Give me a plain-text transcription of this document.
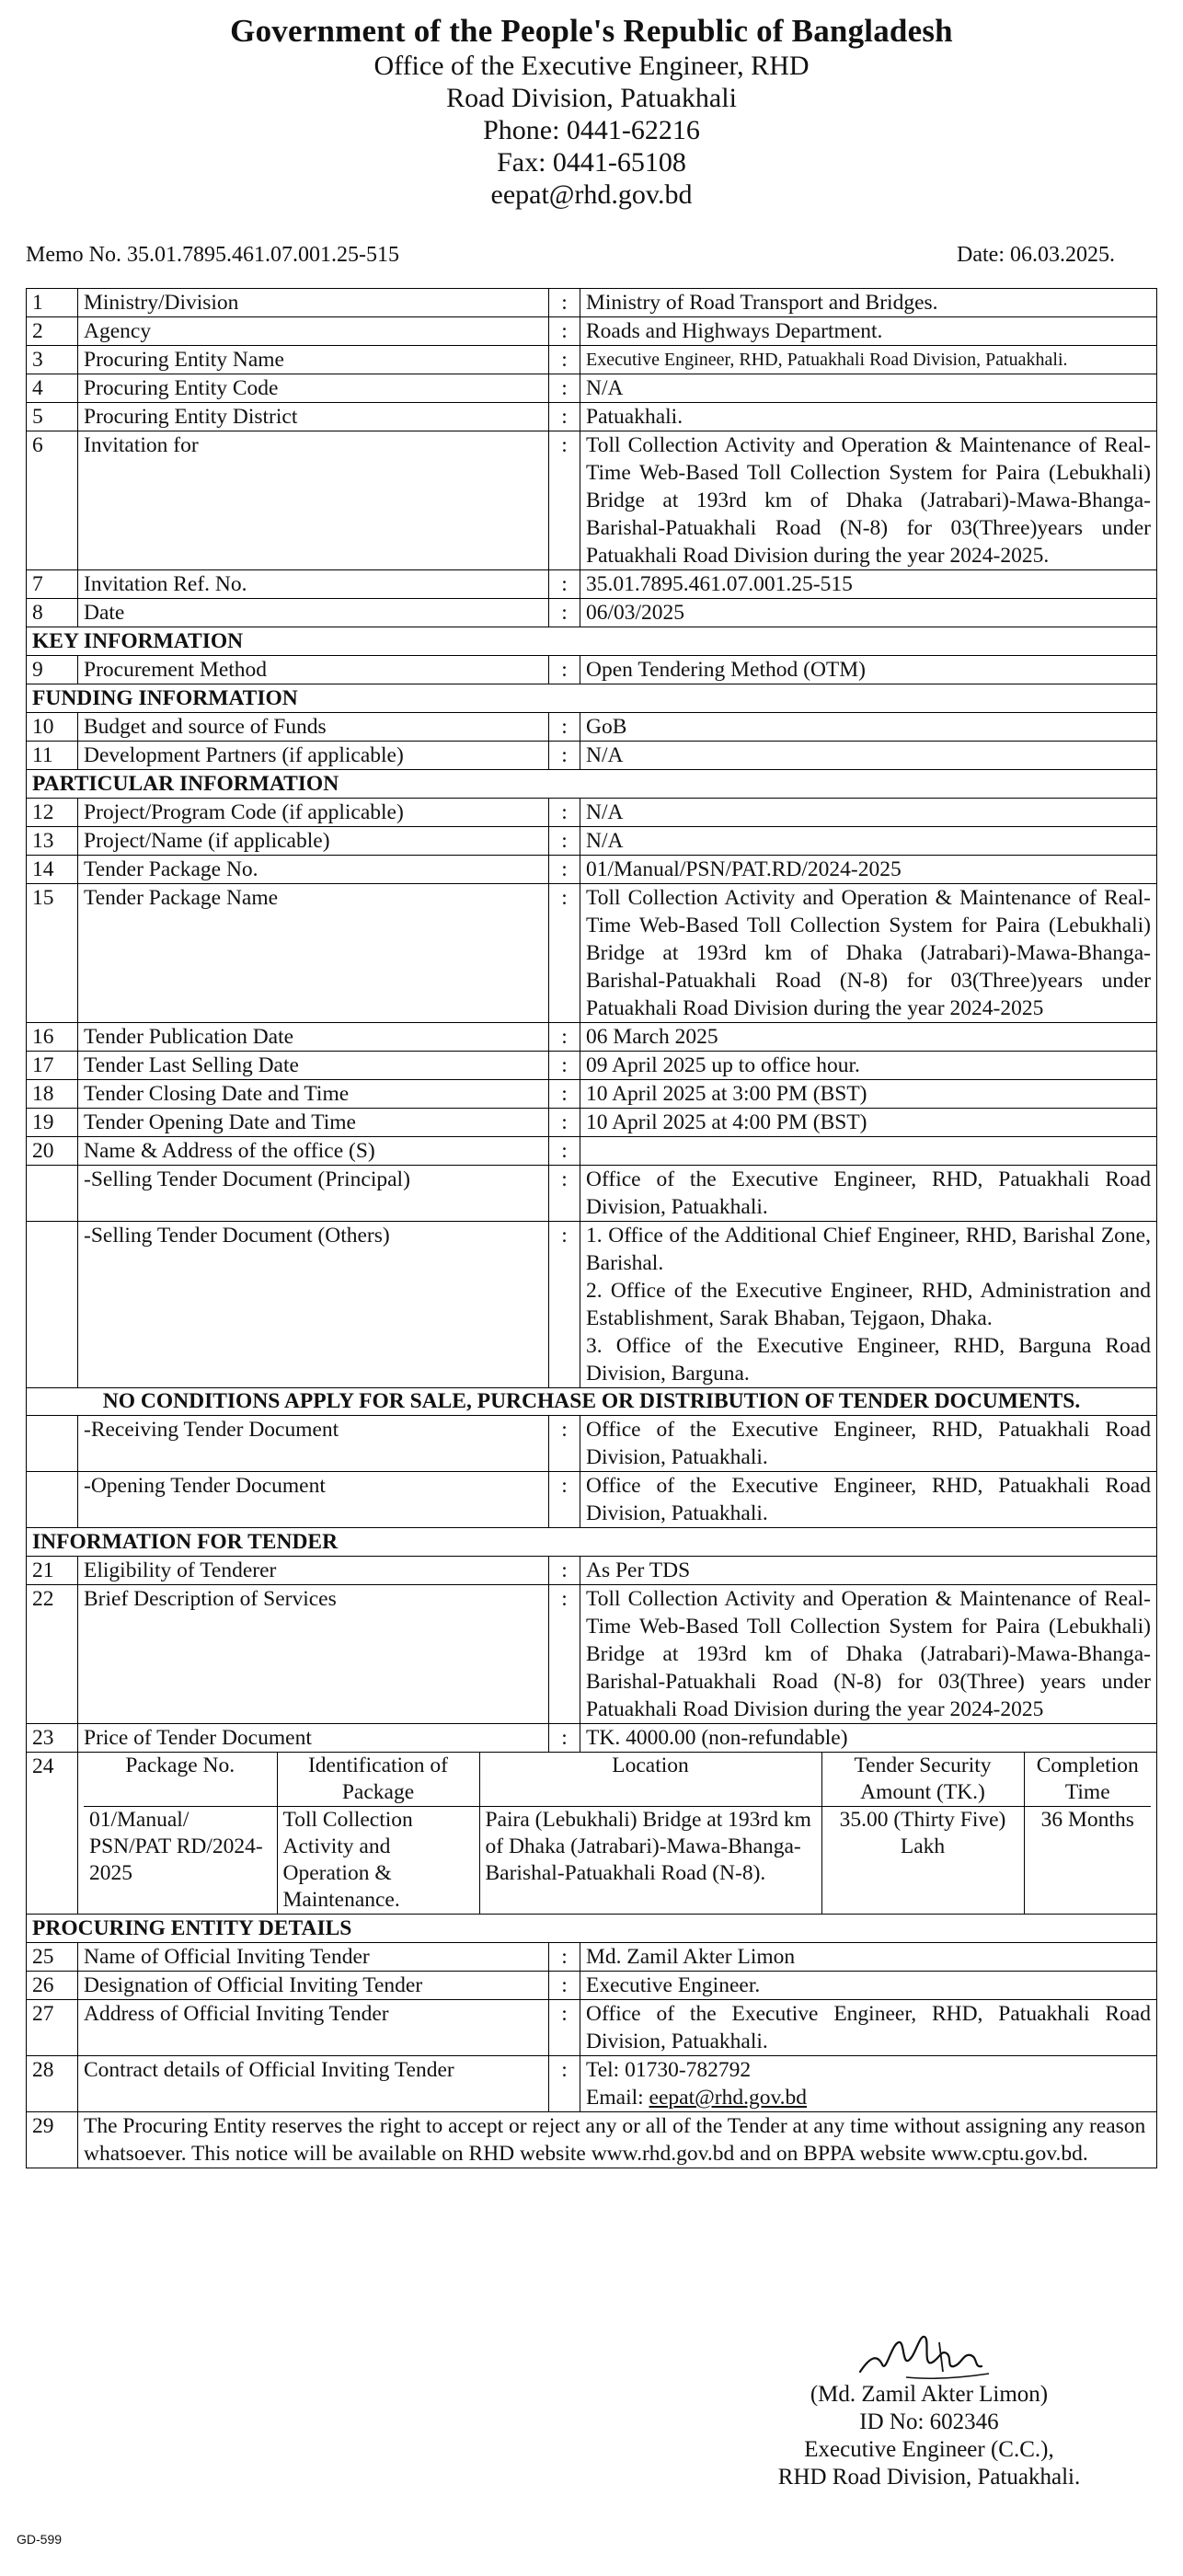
Government of the People's Republic of Bangladesh
Office of the Executive Engineer, RHD
Road Division, Patuakhali
Phone: 0441-62216
Fax: 0441-65108
eepat@rhd.gov.bd
Memo No. 35.01.7895.461.07.001.25-515	Date: 06.03.2025.
1	Ministry/Division	:	Ministry of Road Transport and Bridges.
2	Agency	:	Roads and Highways Department.
3	Procuring Entity Name	:	Executive Engineer, RHD, Patuakhali Road Division, Patuakhali.
4	Procuring Entity Code	:	N/A
5	Procuring Entity District	:	Patuakhali.
6	Invitation for	:	Toll Collection Activity and Operation & Maintenance of Real-Time Web-Based Toll Collection System for Paira (Lebukhali) Bridge at 193rd km of Dhaka (Jatrabari)-Mawa-Bhanga-Barishal-Patuakhali Road (N-8) for 03(Three)years under Patuakhali Road Division during the year 2024-2025.
7	Invitation Ref. No.	:	35.01.7895.461.07.001.25-515
8	Date	:	06/03/2025
KEY INFORMATION
9	Procurement Method	:	Open Tendering Method (OTM)
FUNDING INFORMATION
10	Budget and source of Funds	:	GoB
11	Development Partners (if applicable)	:	N/A
PARTICULAR INFORMATION
12	Project/Program Code (if applicable)	:	N/A
13	Project/Name (if applicable)	:	N/A
14	Tender Package No.	:	01/Manual/PSN/PAT.RD/2024-2025
15	Tender Package Name	:	Toll Collection Activity and Operation & Maintenance of Real-Time Web-Based Toll Collection System for Paira (Lebukhali) Bridge at 193rd km of Dhaka (Jatrabari)-Mawa-Bhanga-Barishal-Patuakhali Road (N-8) for 03(Three)years under Patuakhali Road Division during the year 2024-2025
16	Tender Publication Date	:	06 March 2025
17	Tender Last Selling Date	:	09 April 2025 up to office hour.
18	Tender Closing Date and Time	:	10 April 2025 at 3:00 PM (BST)
19	Tender Opening Date and Time	:	10 April 2025 at 4:00 PM (BST)
20	Name & Address of the office (S)	:	
	-Selling Tender Document (Principal)	:	Office of the Executive Engineer, RHD, Patuakhali Road Division, Patuakhali.
	-Selling Tender Document (Others)	:	1. Office of the Additional Chief Engineer, RHD, Barishal Zone, Barishal.
2. Office of the Executive Engineer, RHD, Administration and Establishment, Sarak Bhaban, Tejgaon, Dhaka.
3. Office of the Executive Engineer, RHD, Barguna Road Division, Barguna.

NO CONDITIONS APPLY FOR SALE, PURCHASE OR DISTRIBUTION OF TENDER DOCUMENTS.
	-Receiving Tender Document	:	Office of the Executive Engineer, RHD, Patuakhali Road Division, Patuakhali.
	-Opening Tender Document	:	Office of the Executive Engineer, RHD, Patuakhali Road Division, Patuakhali.
INFORMATION FOR TENDER
21	Eligibility of Tenderer	:	As Per TDS
22	Brief Description of Services	:	Toll Collection Activity and Operation & Maintenance of Real-Time Web-Based Toll Collection System for Paira (Lebukhali) Bridge at 193rd km of Dhaka (Jatrabari)-Mawa-Bhanga-Barishal-Patuakhali Road (N-8) for 03(Three) years under Patuakhali Road Division during the year 2024-2025
23	Price of Tender Document	:	TK. 4000.00 (non-refundable)
24		Package No.	Identification of Package	Location	Tender Security Amount (TK.)	Completion Time
01/Manual/ PSN/PAT RD/2024-2025	Toll Collection Activity and Operation & Maintenance.	Paira (Lebukhali) Bridge at 193rd km of Dhaka (Jatrabari)-Mawa-Bhanga-Barishal-Patuakhali Road (N-8).	35.00 (Thirty Five) Lakh	36 Months

PROCURING ENTITY DETAILS
25	Name of Official Inviting Tender	:	Md. Zamil Akter Limon
26	Designation of Official Inviting Tender	:	Executive Engineer.
27	Address of Official Inviting Tender	:	Office of the Executive Engineer, RHD, Patuakhali Road Division, Patuakhali.
28	Contract details of Official Inviting Tender	:	Tel: 01730-782792
Email: eepat@rhd.gov.bd

29	The Procuring Entity reserves the right to accept or reject any or all of the Tender at any time without assigning any reason whatsoever. This notice will be available on RHD website www.rhd.gov.bd and on BPPA website www.cptu.gov.bd.
(Md. Zamil Akter Limon)
ID No: 602346
Executive Engineer (C.C.),
RHD Road Division, Patuakhali.
GD-599
